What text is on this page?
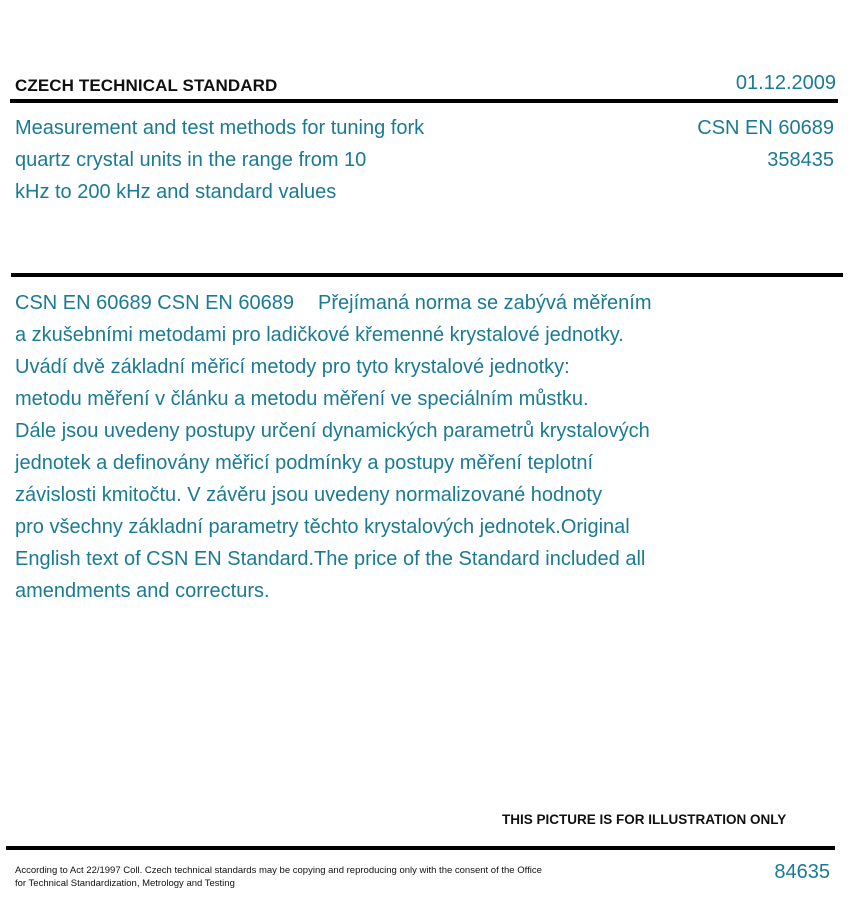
CZECH TECHNICAL STANDARD	01.12.2009
Measurement and test methods for tuning fork
quartz crystal units in the range from 10
kHz to 200 kHz and standard values
CSN EN 60689
358435
CSN EN 60689 CSN EN 60689 Přejímaná norma se zabývá měřením
a zkušebními metodami pro ladičkové křemenné krystalové jednotky.
Uvádí dvě základní měřicí metody pro tyto krystalové jednotky:
metodu měření v článku a metodu měření ve speciálním můstku.
Dále jsou uvedeny postupy určení dynamických parametrů krystalových
jednotek a definovány měřicí podmínky a postupy měření teplotní
závislosti kmitočtu. V závěru jsou uvedeny normalizované hodnoty
pro všechny základní parametry těchto krystalových jednotek.Original
English text of CSN EN Standard.The price of the Standard included all
amendments and correcturs.
THIS PICTURE IS FOR ILLUSTRATION ONLY
According to Act 22/1997 Coll. Czech technical standards may be copying and reproducing only with the consent of the Office
for Technical Standardization, Metrology and Testing
84635
